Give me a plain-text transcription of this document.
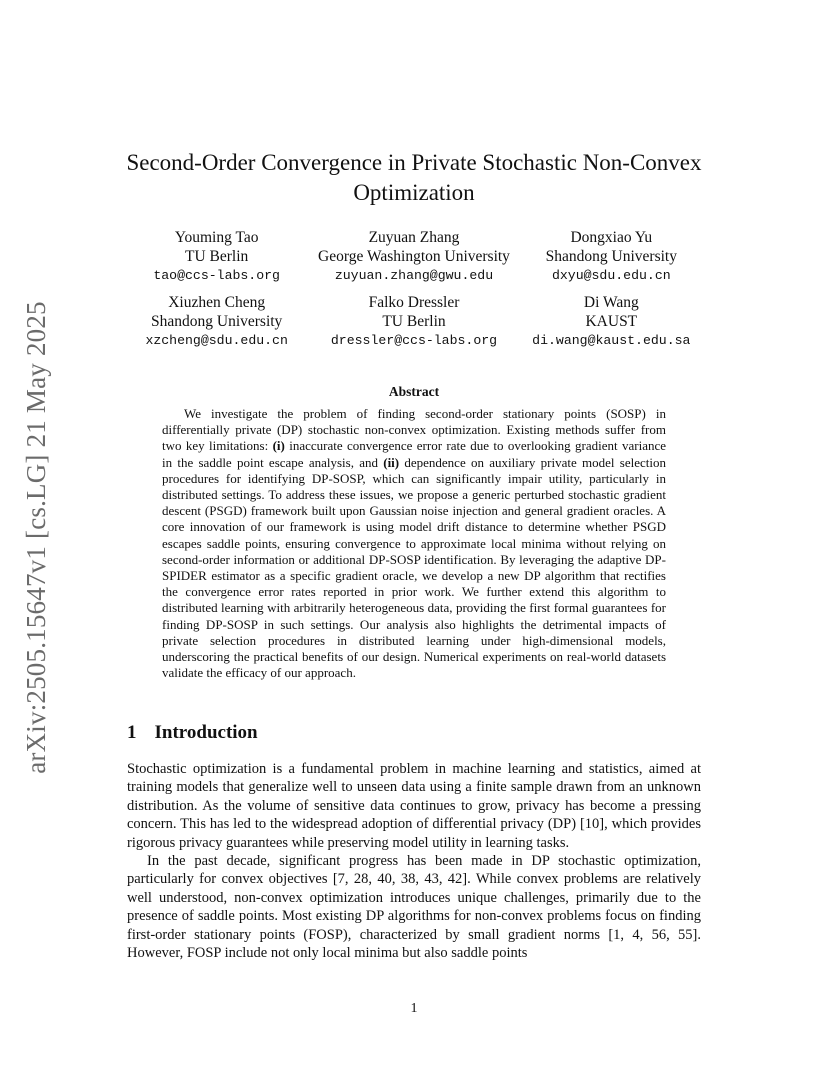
arXiv:2505.15647v1 [cs.LG] 21 May 2025
Second-Order Convergence in Private Stochastic Non-Convex Optimization
Youming Tao
TU Berlin
tao@ccs-labs.org
Zuyuan Zhang
George Washington University
zuyuan.zhang@gwu.edu
Dongxiao Yu
Shandong University
dxyu@sdu.edu.cn
Xiuzhen Cheng
Shandong University
xzcheng@sdu.edu.cn
Falko Dressler
TU Berlin
dressler@ccs-labs.org
Di Wang
KAUST
di.wang@kaust.edu.sa
Abstract

We investigate the problem of finding second-order stationary points (SOSP) in differentially private (DP) stochastic non-convex optimization. Existing methods suffer from two key limitations: (i) inaccurate convergence error rate due to overlooking gradient variance in the saddle point escape analysis, and (ii) dependence on auxiliary private model selection procedures for identifying DP-SOSP, which can significantly impair utility, particularly in distributed settings. To address these issues, we propose a generic perturbed stochastic gradient descent (PSGD) framework built upon Gaussian noise injection and general gradient oracles. A core innovation of our framework is using model drift distance to determine whether PSGD escapes saddle points, ensuring convergence to approximate local minima without relying on second-order information or additional DP-SOSP identification. By leveraging the adaptive DP-SPIDER estimator as a specific gradient oracle, we develop a new DP algorithm that rectifies the convergence error rates reported in prior work. We further extend this algorithm to distributed learning with arbitrarily heterogeneous data, providing the first formal guarantees for finding DP-SOSP in such settings. Our analysis also highlights the detrimental impacts of private selection procedures in distributed learning under high-dimensional models, underscoring the practical benefits of our design. Numerical experiments on real-world datasets validate the efficacy of our approach.

1 Introduction

Stochastic optimization is a fundamental problem in machine learning and statistics, aimed at training models that generalize well to unseen data using a finite sample drawn from an unknown distribution. As the volume of sensitive data continues to grow, privacy has become a pressing concern. This has led to the widespread adoption of differential privacy (DP) [10], which provides rigorous privacy guarantees while preserving model utility in learning tasks.

In the past decade, significant progress has been made in DP stochastic optimization, particularly for convex objectives [7, 28, 40, 38, 43, 42]. While convex problems are relatively well understood, non-convex optimization introduces unique challenges, primarily due to the presence of saddle points. Most existing DP algorithms for non-convex problems focus on finding first-order stationary points (FOSP), characterized by small gradient norms [1, 4, 56, 55]. However, FOSP include not only local minima but also saddle points

1
